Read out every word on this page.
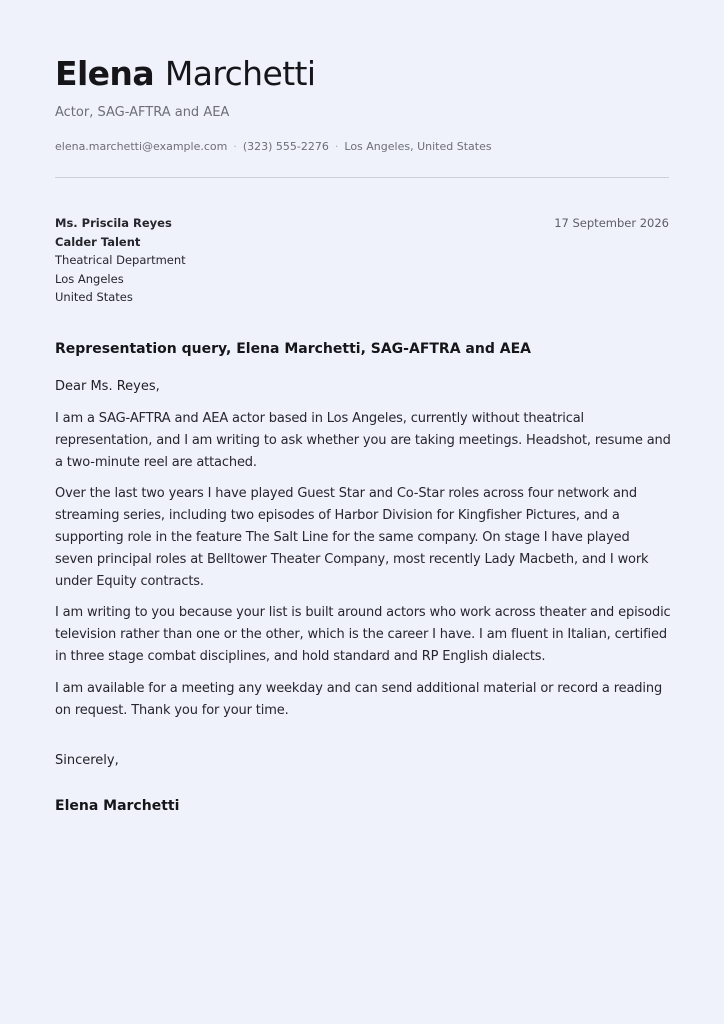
Elena Marchetti
Actor, SAG-AFTRA and AEA
elena.marchetti@example.com · (323) 555-2276 · Los Angeles, United States
Ms. Priscila Reyes
Calder Talent
Theatrical Department
Los Angeles
United States
17 September 2026
Representation query, Elena Marchetti, SAG-AFTRA and AEA
Dear Ms. Reyes,

I am a SAG-AFTRA and AEA actor based in Los Angeles, currently without theatrical representation, and I am writing to ask whether you are taking meetings. Headshot, resume and a two-minute reel are attached.

Over the last two years I have played Guest Star and Co-Star roles across four network and streaming series, including two episodes of Harbor Division for Kingfisher Pictures, and a supporting role in the feature The Salt Line for the same company. On stage I have played seven principal roles at Belltower Theater Company, most recently Lady Macbeth, and I work under Equity contracts.

I am writing to you because your list is built around actors who work across theater and episodic television rather than one or the other, which is the career I have. I am fluent in Italian, certified in three stage combat disciplines, and hold standard and RP English dialects.

I am available for a meeting any weekday and can send additional material or record a reading on request. Thank you for your time.

Sincerely,
Elena Marchetti
